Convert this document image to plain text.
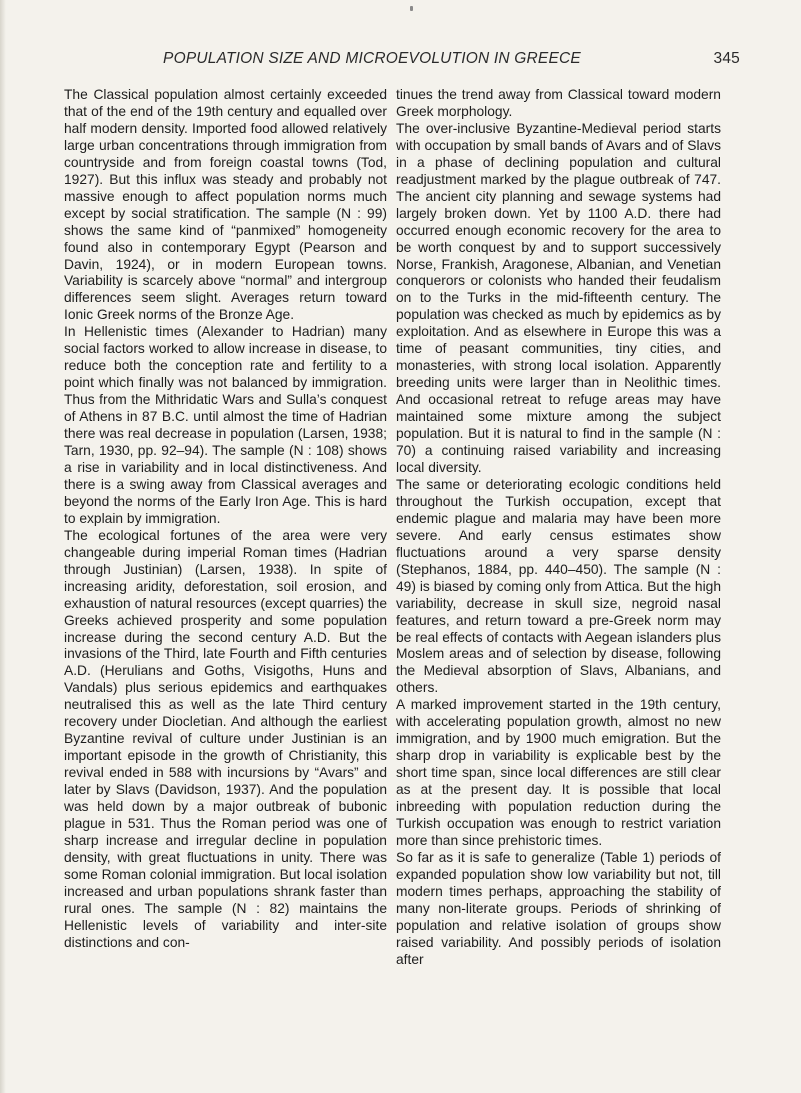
POPULATION SIZE AND MICROEVOLUTION IN GREECE	345

The Classical population almost certainly exceeded that of the end of the 19th century and equalled over half modern density. Imported food allowed relatively large urban concentrations through immigration from countryside and from foreign coastal towns (Tod, 1927). But this influx was steady and probably not massive enough to affect population norms much except by social stratification. The sample (N : 99) shows the same kind of “panmixed” homogeneity found also in contemporary Egypt (Pearson and Davin, 1924), or in modern European towns. Variability is scarcely above “normal” and intergroup differences seem slight. Averages return toward Ionic Greek norms of the Bronze Age.

In Hellenistic times (Alexander to Hadrian) many social factors worked to allow increase in disease, to reduce both the conception rate and fertility to a point which finally was not balanced by immigration. Thus from the Mithridatic Wars and Sulla’s conquest of Athens in 87 B.C. until almost the time of Hadrian there was real decrease in population (Larsen, 1938; Tarn, 1930, pp. 92–94). The sample (N : 108) shows a rise in variability and in local distinctiveness. And there is a swing away from Classical averages and beyond the norms of the Early Iron Age. This is hard to explain by immigration.

The ecological fortunes of the area were very changeable during imperial Roman times (Hadrian through Justinian) (Larsen, 1938). In spite of increasing aridity, deforestation, soil erosion, and exhaustion of natural resources (except quarries) the Greeks achieved prosperity and some population increase during the second century A.D. But the invasions of the Third, late Fourth and Fifth centuries A.D. (Herulians and Goths, Visigoths, Huns and Vandals) plus serious epidemics and earthquakes neutralised this as well as the late Third century recovery under Diocletian. And although the earliest Byzantine revival of culture under Justinian is an important episode in the growth of Christianity, this revival ended in 588 with incursions by “Avars” and later by Slavs (Davidson, 1937). And the population was held down by a major outbreak of bubonic plague in 531. Thus the Roman period was one of sharp increase and irregular decline in population density, with great fluctuations in unity. There was some Roman colonial immigration. But local isolation increased and urban populations shrank faster than rural ones. The sample (N : 82) maintains the Hellenistic levels of variability and inter-site distinctions and con-

tinues the trend away from Classical toward modern Greek morphology.

The over-inclusive Byzantine-Medieval period starts with occupation by small bands of Avars and of Slavs in a phase of declining population and cultural readjustment marked by the plague outbreak of 747. The ancient city planning and sewage systems had largely broken down. Yet by 1100 A.D. there had occurred enough economic recovery for the area to be worth conquest by and to support successively Norse, Frankish, Aragonese, Albanian, and Venetian conquerors or colonists who handed their feudalism on to the Turks in the mid-fifteenth century. The population was checked as much by epidemics as by exploitation. And as elsewhere in Europe this was a time of peasant communities, tiny cities, and monasteries, with strong local isolation. Apparently breeding units were larger than in Neolithic times. And occasional retreat to refuge areas may have maintained some mixture among the subject population. But it is natural to find in the sample (N : 70) a continuing raised variability and increasing local diversity.

The same or deteriorating ecologic conditions held throughout the Turkish occupation, except that endemic plague and malaria may have been more severe. And early census estimates show fluctuations around a very sparse density (Stephanos, 1884, pp. 440–450). The sample (N : 49) is biased by coming only from Attica. But the high variability, decrease in skull size, negroid nasal features, and return toward a pre-Greek norm may be real effects of contacts with Aegean islanders plus Moslem areas and of selection by disease, following the Medieval absorption of Slavs, Albanians, and others.

A marked improvement started in the 19th century, with accelerating population growth, almost no new immigration, and by 1900 much emigration. But the sharp drop in variability is explicable best by the short time span, since local differences are still clear as at the present day. It is possible that local inbreeding with population reduction during the Turkish occupation was enough to restrict variation more than since prehistoric times.

So far as it is safe to generalize (Table 1) periods of expanded population show low variability but not, till modern times perhaps, approaching the stability of many non-literate groups. Periods of shrinking of population and relative isolation of groups show raised variability. And possibly periods of isolation after
